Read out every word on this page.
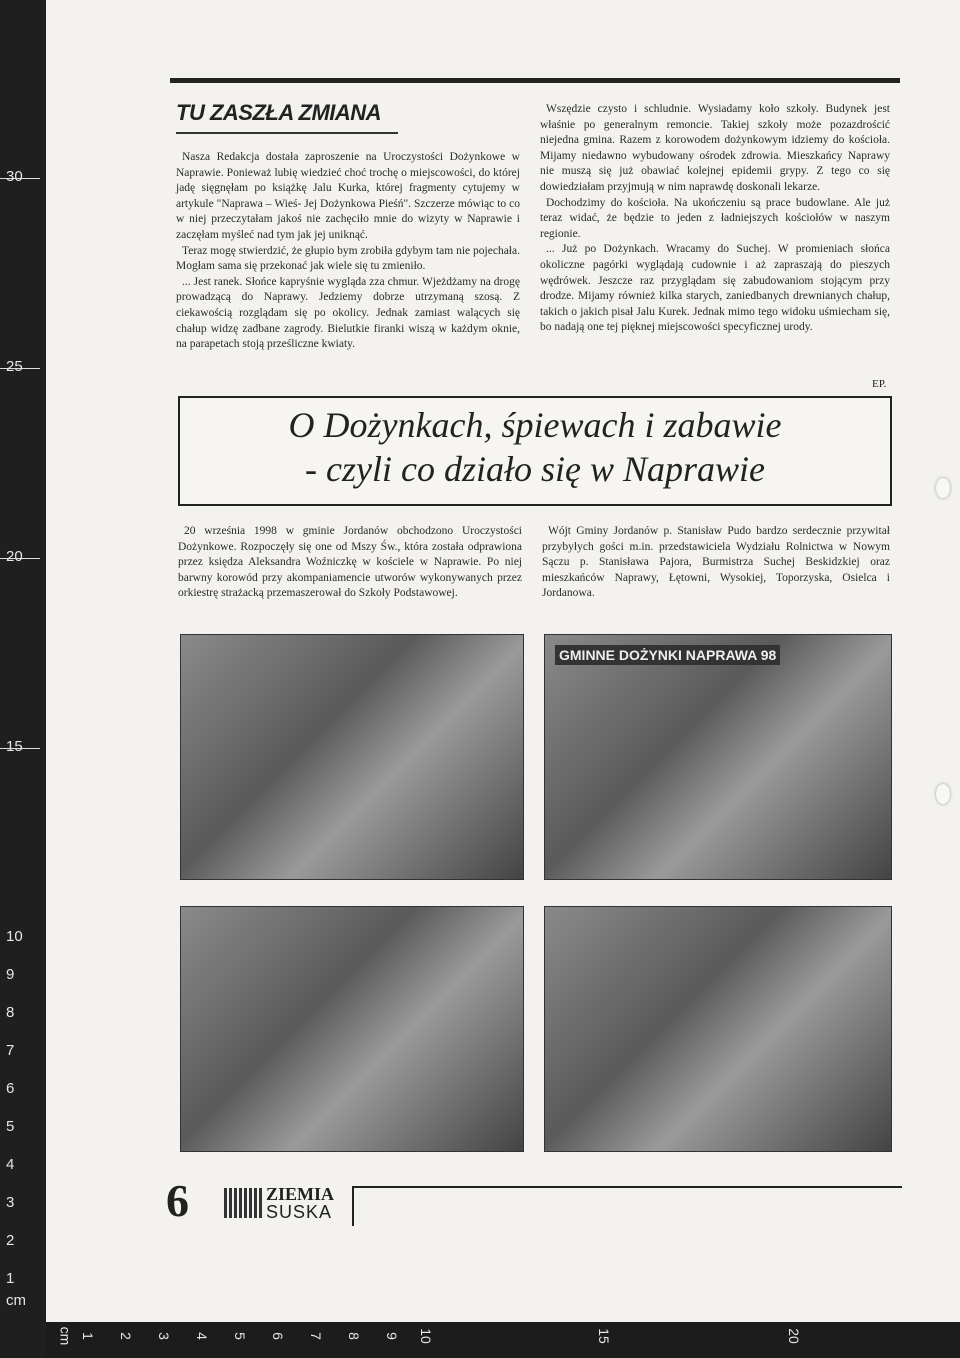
30
25
20
15
10
9
8
7
6
5
4
3
2
1
cm
cm 1 2 3 4 5 6 7 8 9 10	15	20
TU ZASZŁA ZMIANA

Nasza Redakcja dostała zaproszenie na Uroczystości Dożynkowe w Naprawie. Ponieważ lubię wiedzieć choć trochę o miejscowości, do której jadę sięgnęłam po książkę Jalu Kurka, której fragmenty cytujemy w artykule "Naprawa – Wieś- Jej Dożynkowa Pieśń". Szczerze mówiąc to co w niej przeczytałam jakoś nie zachęciło mnie do wizyty w Naprawie i zaczęłam myśleć nad tym jak jej uniknąć.

Teraz mogę stwierdzić, że głupio bym zrobiła gdybym tam nie pojechała. Mogłam sama się przekonać jak wiele się tu zmieniło.

... Jest ranek. Słońce kapryśnie wygląda zza chmur. Wjeżdżamy na drogę prowadzącą do Naprawy. Jedziemy dobrze utrzymaną szosą. Z ciekawością rozglądam się po okolicy. Jednak zamiast walących się chałup widzę zadbane zagrody. Bielutkie firanki wiszą w każdym oknie, na parapetach stoją prześliczne kwiaty.

Wszędzie czysto i schludnie. Wysiadamy koło szkoły. Budynek jest właśnie po generalnym remoncie. Takiej szkoły może pozazdrościć niejedna gmina. Razem z korowodem dożynkowym idziemy do kościoła. Mijamy niedawno wybudowany ośrodek zdrowia. Mieszkańcy Naprawy nie muszą się już obawiać kolejnej epidemii grypy. Z tego co się dowiedziałam przyjmują w nim naprawdę doskonali lekarze.

Dochodzimy do kościoła. Na ukończeniu są prace budowlane. Ale już teraz widać, że będzie to jeden z ładniejszych kościołów w naszym regionie.

... Już po Dożynkach. Wracamy do Suchej. W promieniach słońca okoliczne pagórki wyglądają cudownie i aż zapraszają do pieszych wędrówek. Jeszcze raz przyglądam się zabudowaniom stojącym przy drodze. Mijamy również kilka starych, zaniedbanych drewnianych chałup, takich o jakich pisał Jalu Kurek. Jednak mimo tego widoku uśmiecham się, bo nadają one tej pięknej miejscowości specyficznej urody.

EP.
O Dożynkach, śpiewach i zabawie
- czyli co działo się w Naprawie

20 września 1998 w gminie Jordanów obchodzono Uroczystości Dożynkowe. Rozpoczęły się one od Mszy Św., która została odprawiona przez księdza Aleksandra Woźniczkę w kościele w Naprawie. Po niej barwny korowód przy akompaniamencie utworów wykonywanych przez orkiestrę strażacką przemaszerował do Szkoły Podstawowej.

Wójt Gminy Jordanów p. Stanisław Pudo bardzo serdecznie przywitał przybyłych gości m.in. przedstawiciela Wydziału Rolnictwa w Nowym Sączu p. Stanisława Pajora, Burmistrza Suchej Beskidzkiej oraz mieszkańców Naprawy, Łętowni, Wysokiej, Toporzyska, Osielca i Jordanowa.

GMINNE DOŻYNKI NAPRAWA 98
6	ZIEMIA
SUSKA
